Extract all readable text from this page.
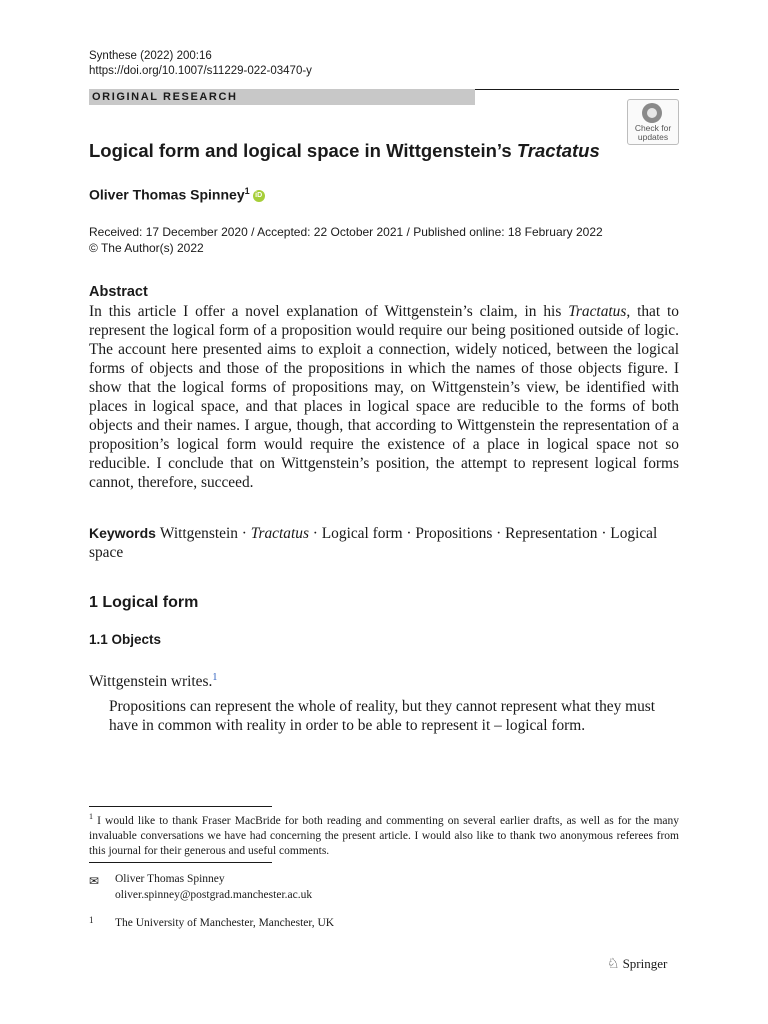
Synthese (2022) 200:16
https://doi.org/10.1007/s11229-022-03470-y
ORIGINAL RESEARCH
Check for
updates
Logical form and logical space in Wittgenstein’s Tractatus
Oliver Thomas Spinney$^1$ iD
Received: 17 December 2020 / Accepted: 22 October 2021 / Published online: 18 February 2022
© The Author(s) 2022
Abstract
In this article I offer a novel explanation of Wittgenstein’s claim, in his Tractatus, that to represent the logical form of a proposition would require our being positioned outside of logic. The account here presented aims to exploit a connection, widely noticed, between the logical forms of objects and those of the propositions in which the names of those objects figure. I show that the logical forms of propositions may, on Wittgenstein’s view, be identified with places in logical space, and that places in logical space are reducible to the forms of both objects and their names. I argue, though, that according to Wittgenstein the representation of a proposition’s logical form would require the existence of a place in logical space not so reducible. I conclude that on Wittgenstein’s position, the attempt to represent logical forms cannot, therefore, succeed.
Keywords Wittgenstein · Tractatus · Logical form · Propositions · Representation · Logical space
1 Logical form
1.1 Objects
Wittgenstein writes.$^1$
Propositions can represent the whole of reality, but they cannot represent what they must have in common with reality in order to be able to represent it – logical form.
$^1$ I would like to thank Fraser MacBride for both reading and commenting on several earlier drafts, as well as for the many invaluable conversations we have had concerning the present article. I would also like to thank two anonymous referees from this journal for their generous and useful comments.
✉ Oliver Thomas Spinney
oliver.spinney@postgrad.manchester.ac.uk
1 The University of Manchester, Manchester, UK
♘ Springer
